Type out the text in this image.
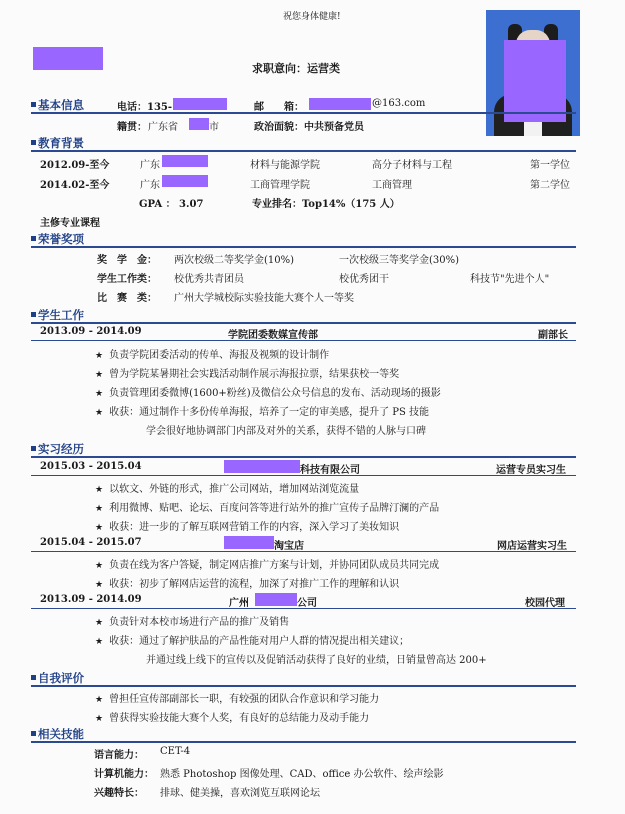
祝您身体健康!
求职意向：运营类
基本信息	电话：135-	邮　　箱：	@163.com
籍贯： 广东省	市	政治面貌：中共预备党员
教育背景
2012.09-至今	广东	材料与能源学院	高分子材料与工程	第一学位
2014.02-至今	广东	工商管理学院	工商管理	第二学位
GPA ： 3.07	专业排名：Top14%（175 人）
主修专业课程
荣誉奖项
奖　学　金： 两次校级二等奖学金(10%)	一次校级三等奖学金(30%)
学生工作类： 校优秀共青团员	校优秀团干	科技节"先进个人"
比　赛　类： 广州大学城校际实验技能大赛个人一等奖
学生工作
2013.09 - 2014.09	学院团委数媒宣传部	副部长
★ 负责学院团委活动的传单、海报及视频的设计制作
★ 曾为学院某暑期社会实践活动制作展示海报拉票，结果获校一等奖
★ 负责管理团委微博(1600+粉丝)及微信公众号信息的发布、活动现场的摄影
★ 收获：通过制作十多份传单海报，培养了一定的审美感，提升了 PS 技能
学会很好地协调部门内部及对外的关系，获得不错的人脉与口碑
实习经历
2015.03 - 2015.04	科技有限公司	运营专员实习生
★ 以软文、外链的形式，推广公司网站，增加网站浏览流量
★ 利用微博、贴吧、论坛、百度问答等进行站外的推广宣传子品牌汀澜的产品
★ 收获：进一步的了解互联网营销工作的内容，深入学习了美妆知识
2015.04 - 2015.07	淘宝店	网店运营实习生
★ 负责在线为客户答疑，制定网店推广方案与计划，并协同团队成员共同完成
★ 收获：初步了解网店运营的流程，加深了对推广工作的理解和认识
2013.09 - 2014.09	广州	公司	校园代理
★ 负责针对本校市场进行产品的推广及销售
★ 收获：通过了解护肤品的产品性能对用户人群的情况提出相关建议；
并通过线上线下的宣传以及促销活动获得了良好的业绩，日销量曾高达 200+
自我评价
★ 曾担任宣传部副部长一职，有较强的团队合作意识和学习能力
★ 曾获得实验技能大赛个人奖，有良好的总结能力及动手能力
相关技能
语言能力： CET-4
计算机能力： 熟悉 Photoshop 图像处理、CAD、office 办公软件、绘声绘影
兴趣特长： 排球、健美操，喜欢浏览互联网论坛
